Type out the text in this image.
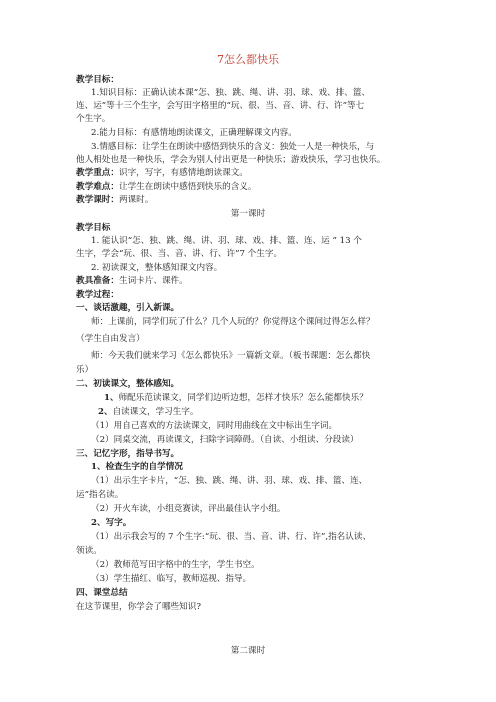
7怎么都快乐
教学目标：
1.知识目标：正确认读本课“怎、独、跳、绳、讲、羽、球、戏、排、篮、
连、运”等十三个生字，会写田字格里的“玩、很、当、音、讲、行、许”等七
个生字。
2.能力目标：有感情地朗读课文，正确理解课文内容。
3.情感目标：让学生在朗读中感悟到快乐的含义：独处一人是一种快乐，与
他人相处也是一种快乐，学会为别人付出更是一种快乐；游戏快乐，学习也快乐。
教学重点：识字，写字，有感情地朗读课文。
教学难点：让学生在朗读中感悟到快乐的含义。
教学课时：两课时。
第一课时
教学目标
1. 能认识“怎、独、跳、绳、讲、羽、球、戏、排、篮、连、运 ” 13 个
生字，学会“玩、很、当、音、讲、行、许”7 个生字。
2. 初读课文，整体感知课文内容。
教具准备：生词卡片、课件。
教学过程：
一、谈话激趣，引入新课。
师：上课前，同学们玩了什么？几个人玩的？你觉得这个课间过得怎么样？
（学生自由发言）
师：今天我们就来学习《怎么都快乐》一篇新文章。（板书课题：怎么都快
乐）
二、初读课文，整体感知。
1、师配乐范读课文，同学们边听边想，怎样才快乐？怎么能都快乐？
2、自读课文，学习生字。
（1）用自己喜欢的方法读课文，同时用曲线在文中标出生字词。
（2）同桌交流，再读课文，扫除字词障碍。（自读、小组读、分段读）
三、记忆字形，指导书写。
1、检查生字的自学情况
（1）出示生字卡片，“怎、独、跳、绳、讲、羽、球、戏、排、篮、连、
运”指名读。
（2）开火车读，小组竞赛读，评出最佳认字小组。
2、写字。
（1）出示我会写的 7 个生字:“玩、很、当、音、讲、行、许”,指名认读、
领读。
（2）教师范写田字格中的生字，学生书空。
（3）学生描红、临写，教师巡视、指导。
四、课堂总结
在这节课里，你学会了哪些知识?
第二课时
